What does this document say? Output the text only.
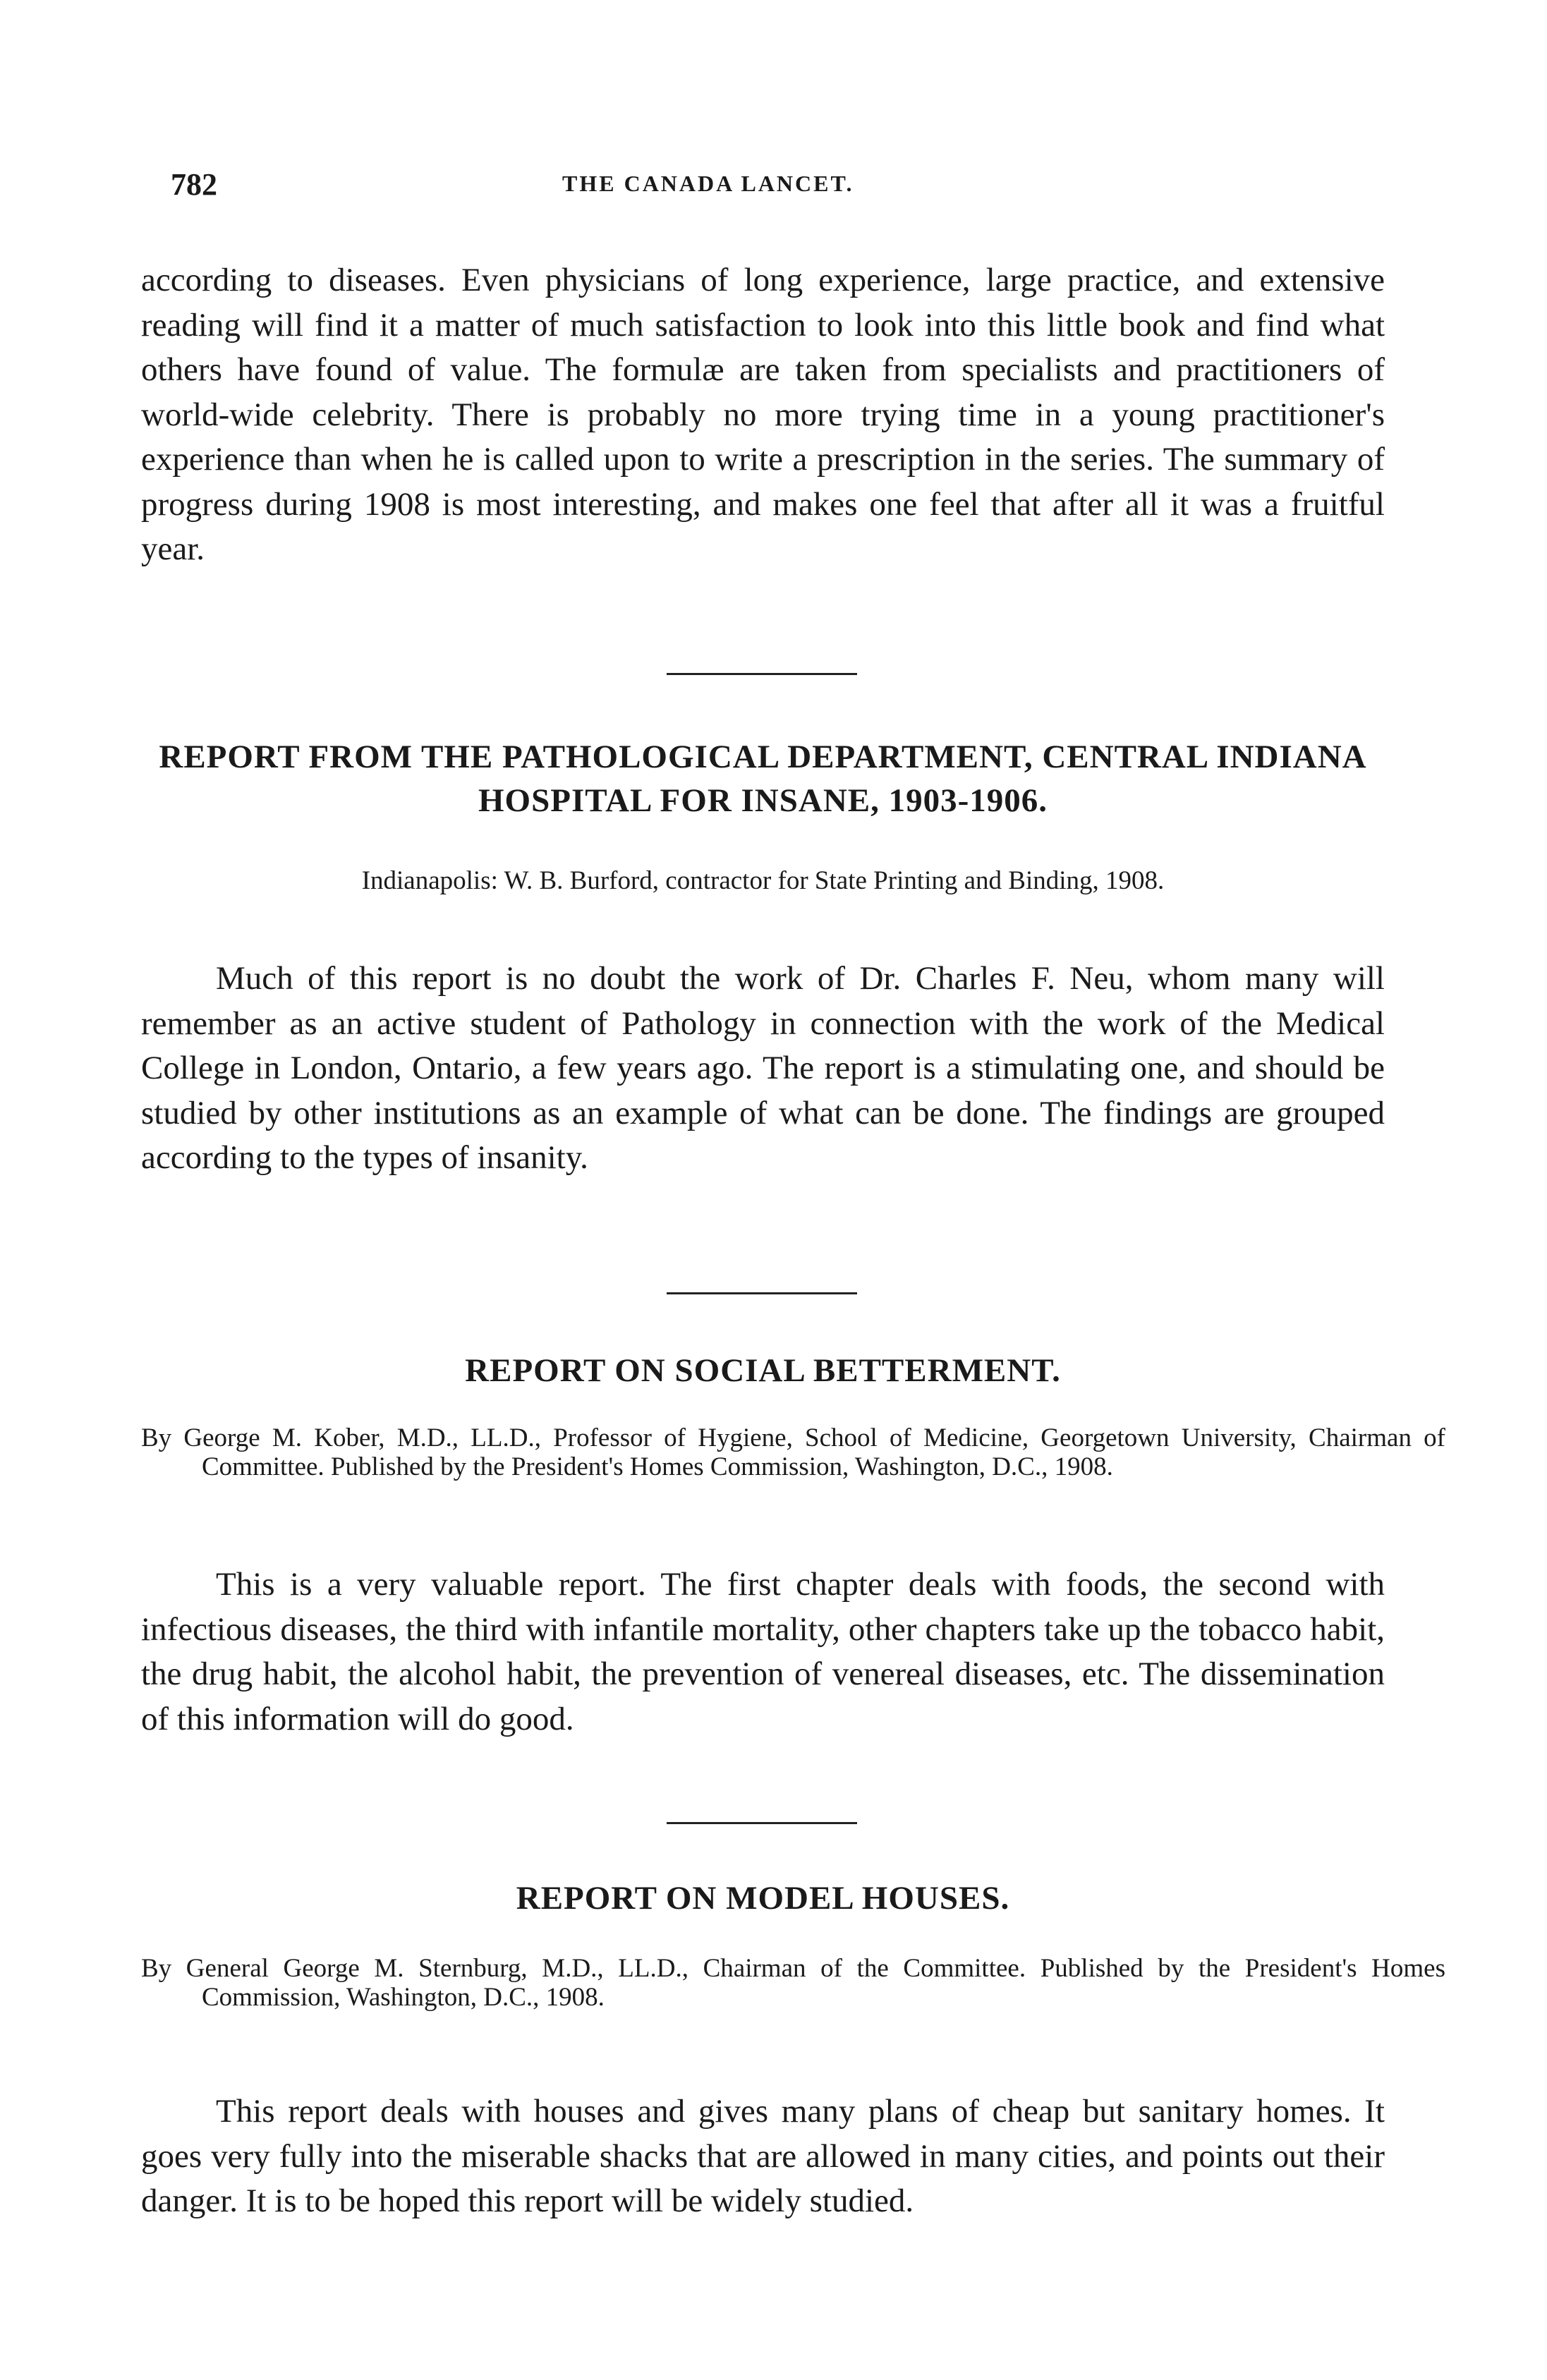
782	THE CANADA LANCET.

according to diseases. Even physicians of long experience, large practice, and extensive reading will find it a matter of much satisfaction to look into this little book and find what others have found of value. The formulæ are taken from specialists and practitioners of world-wide celebrity. There is probably no more trying time in a young practitioner's experience than when he is called upon to write a prescription in the series. The summary of progress during 1908 is most interesting, and makes one feel that after all it was a fruitful year.

REPORT FROM THE PATHOLOGICAL DEPARTMENT, CENTRAL INDIANA HOSPITAL FOR INSANE, 1903-1906.

Indianapolis: W. B. Burford, contractor for State Printing and Binding, 1908.

Much of this report is no doubt the work of Dr. Charles F. Neu, whom many will remember as an active student of Pathology in connection with the work of the Medical College in London, Ontario, a few years ago. The report is a stimulating one, and should be studied by other institutions as an example of what can be done. The findings are grouped according to the types of insanity.

REPORT ON SOCIAL BETTERMENT.

By George M. Kober, M.D., LL.D., Professor of Hygiene, School of Medicine, Georgetown University, Chairman of Committee. Published by the President's Homes Commission, Washington, D.C., 1908.

This is a very valuable report. The first chapter deals with foods, the second with infectious diseases, the third with infantile mortality, other chapters take up the tobacco habit, the drug habit, the alcohol habit, the prevention of venereal diseases, etc. The dissemination of this information will do good.

REPORT ON MODEL HOUSES.

By General George M. Sternburg, M.D., LL.D., Chairman of the Committee. Published by the President's Homes Commission, Washington, D.C., 1908.

This report deals with houses and gives many plans of cheap but sanitary homes. It goes very fully into the miserable shacks that are allowed in many cities, and points out their danger. It is to be hoped this report will be widely studied.
